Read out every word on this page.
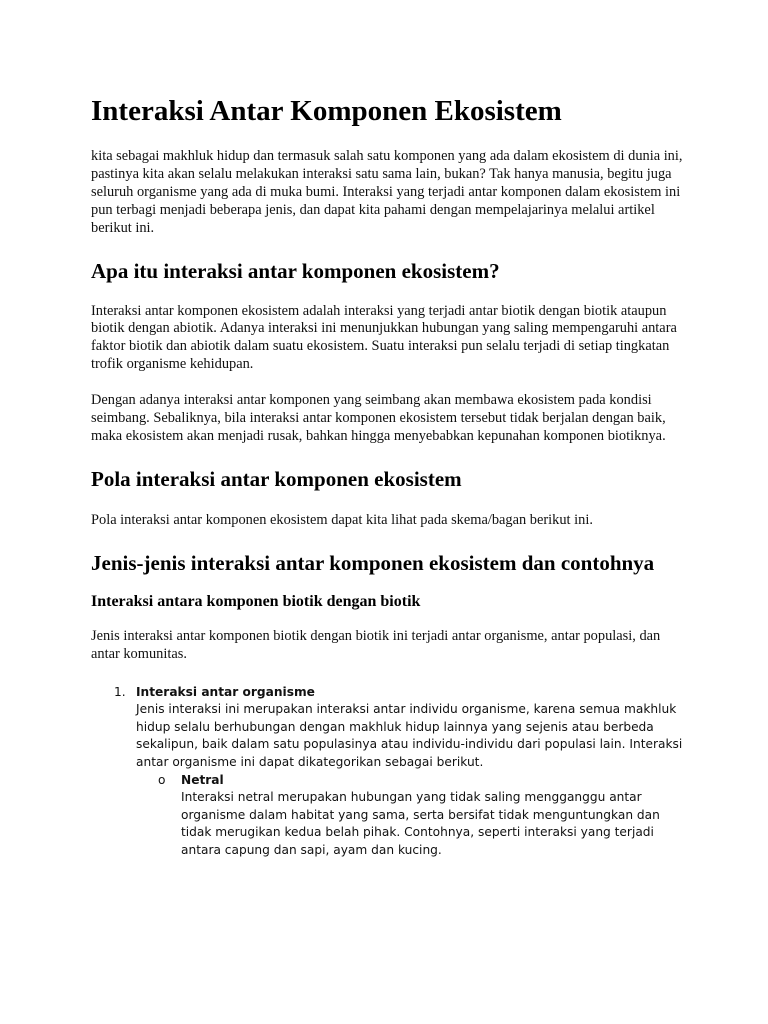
Interaksi Antar Komponen Ekosistem

kita sebagai makhluk hidup dan termasuk salah satu komponen yang ada dalam ekosistem di dunia ini, pastinya kita akan selalu melakukan interaksi satu sama lain, bukan? Tak hanya manusia, begitu juga seluruh organisme yang ada di muka bumi. Interaksi yang terjadi antar komponen dalam ekosistem ini pun terbagi menjadi beberapa jenis, dan dapat kita pahami dengan mempelajarinya melalui artikel berikut ini.

Apa itu interaksi antar komponen ekosistem?

Interaksi antar komponen ekosistem adalah interaksi yang terjadi antar biotik dengan biotik ataupun biotik dengan abiotik. Adanya interaksi ini menunjukkan hubungan yang saling mempengaruhi antara faktor biotik dan abiotik dalam suatu ekosistem. Suatu interaksi pun selalu terjadi di setiap tingkatan trofik organisme kehidupan.

Dengan adanya interaksi antar komponen yang seimbang akan membawa ekosistem pada kondisi seimbang. Sebaliknya, bila interaksi antar komponen ekosistem tersebut tidak berjalan dengan baik, maka ekosistem akan menjadi rusak, bahkan hingga menyebabkan kepunahan komponen biotiknya.

Pola interaksi antar komponen ekosistem

Pola interaksi antar komponen ekosistem dapat kita lihat pada skema/bagan berikut ini.

Jenis-jenis interaksi antar komponen ekosistem dan contohnya
Interaksi antara komponen biotik dengan biotik

Jenis interaksi antar komponen biotik dengan biotik ini terjadi antar organisme, antar populasi, dan antar komunitas.

1. Interaksi antar organisme
Jenis interaksi ini merupakan interaksi antar individu organisme, karena semua makhluk hidup selalu berhubungan dengan makhluk hidup lainnya yang sejenis atau berbeda sekalipun, baik dalam satu populasinya atau individu-individu dari populasi lain. Interaksi antar organisme ini dapat dikategorikan sebagai berikut.
o Netral
Interaksi netral merupakan hubungan yang tidak saling mengganggu antar organisme dalam habitat yang sama, serta bersifat tidak menguntungkan dan tidak merugikan kedua belah pihak. Contohnya, seperti interaksi yang terjadi antara capung dan sapi, ayam dan kucing.
